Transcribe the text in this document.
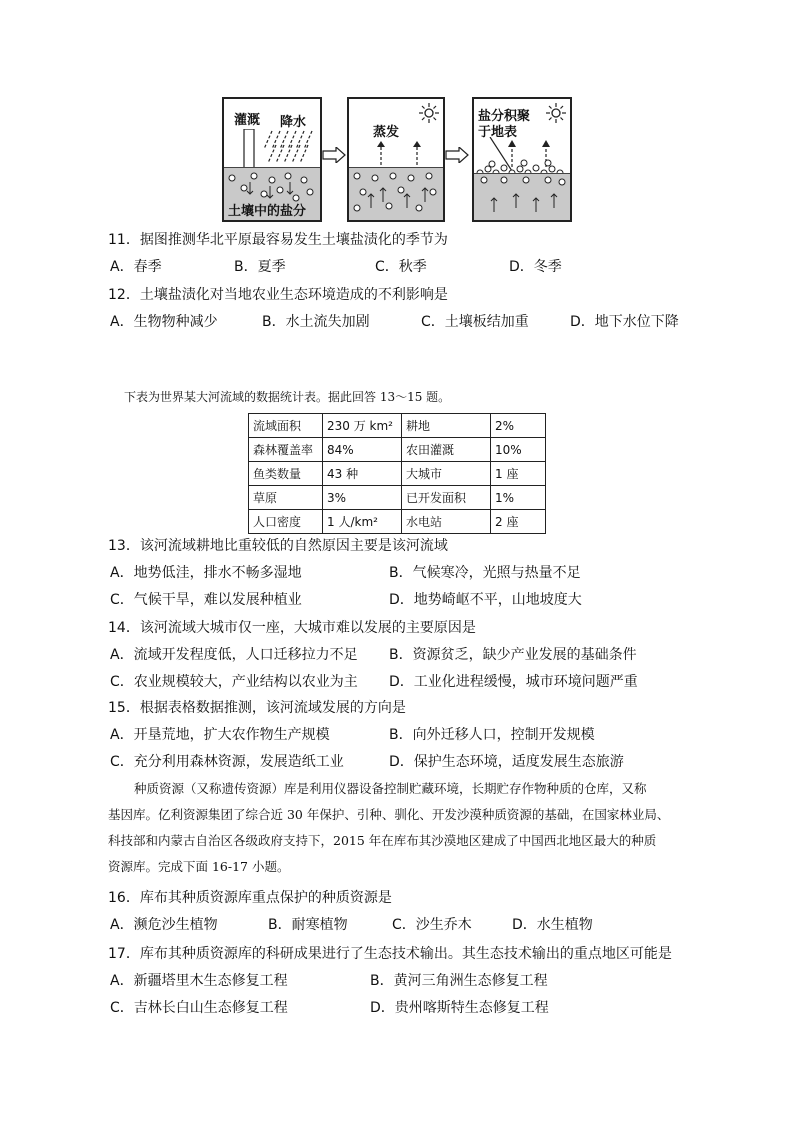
灌溉 降水
土壤中的盐分
蒸发
盐分积聚
于地表
11．据图推测华北平原最容易发生土壤盐渍化的季节为
A．春季	B．夏季	C．秋季	D．冬季
12．土壤盐渍化对当地农业生态环境造成的不利影响是
A．生物物种减少	B．水土流失加剧	C．土壤板结加重	D．地下水位下降
下表为世界某大河流域的数据统计表。据此回答 13～15 题。
流域面积	230 万 km²	耕地	2%
森林覆盖率	84%	农田灌溉	10%
鱼类数量	43 种	大城市	1 座
草原	3%	已开发面积	1%
人口密度	1 人/km²	水电站	2 座
13．该河流域耕地比重较低的自然原因主要是该河流域
A．地势低洼，排水不畅多湿地	B．气候寒冷，光照与热量不足
C．气候干旱，难以发展种植业	D．地势崎岖不平，山地坡度大
14．该河流域大城市仅一座，大城市难以发展的主要原因是
A．流域开发程度低，人口迁移拉力不足 B．资源贫乏，缺少产业发展的基础条件
C．农业规模较大，产业结构以农业为主 D．工业化进程缓慢，城市环境问题严重
15．根据表格数据推测，该河流域发展的方向是
A．开垦荒地，扩大农作物生产规模	B．向外迁移人口，控制开发规模
C．充分利用森林资源，发展造纸工业	D．保护生态环境，适度发展生态旅游
种质资源（又称遗传资源）库是利用仪器设备控制贮藏环境，长期贮存作物种质的仓库，又称
基因库。亿利资源集团了综合近 30 年保护、引种、驯化、开发沙漠种质资源的基础，在国家林业局、
科技部和内蒙古自治区各级政府支持下，2015 年在库布其沙漠地区建成了中国西北地区最大的种质
资源库。完成下面 16-17 小题。
16．库布其种质资源库重点保护的种质资源是
A．濒危沙生植物	B．耐寒植物	C．沙生乔木	D．水生植物
17．库布其种质资源库的科研成果进行了生态技术输出。其生态技术输出的重点地区可能是
A．新疆塔里木生态修复工程	B．黄河三角洲生态修复工程
C．吉林长白山生态修复工程	D．贵州喀斯特生态修复工程
